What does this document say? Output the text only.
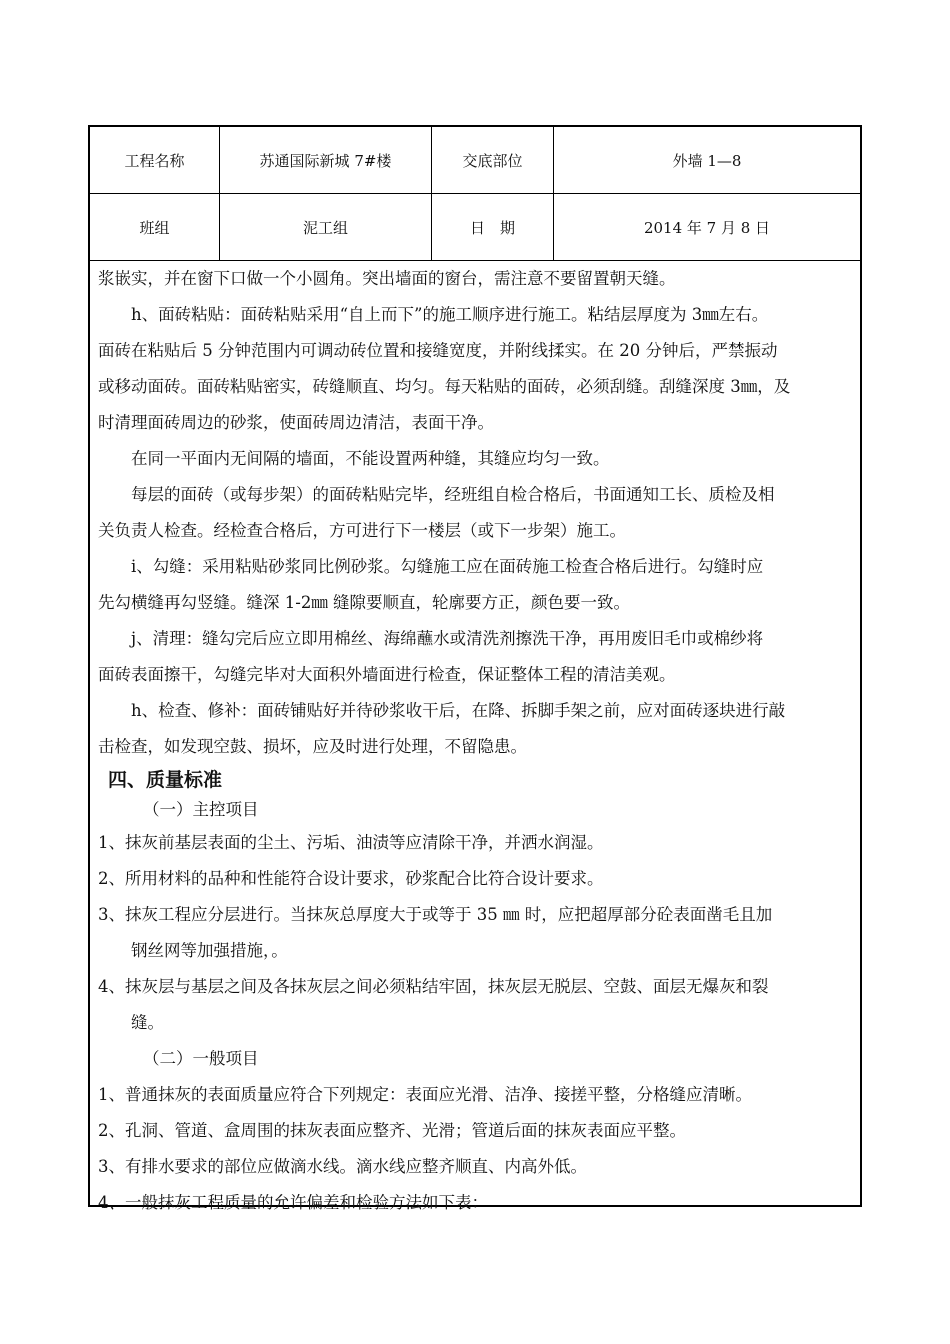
工程名称	苏通国际新城 7#楼	交底部位	外墙 1—8
班组	泥工组	日　期	2014 年 7 月 8 日
浆嵌实，并在窗下口做一个小圆角。突出墙面的窗台，需注意不要留置朝天缝。
h、面砖粘贴：面砖粘贴采用“自上而下”的施工顺序进行施工。粘结层厚度为 3㎜左右。
面砖在粘贴后 5 分钟范围内可调动砖位置和接缝宽度，并附线揉实。在 20 分钟后，严禁振动
或移动面砖。面砖粘贴密实，砖缝顺直、均匀。每天粘贴的面砖，必须刮缝。刮缝深度 3㎜，及
时清理面砖周边的砂浆，使面砖周边清洁，表面干净。
在同一平面内无间隔的墙面，不能设置两种缝，其缝应均匀一致。
每层的面砖（或每步架）的面砖粘贴完毕，经班组自检合格后，书面通知工长、质检及相
关负责人检查。经检查合格后，方可进行下一楼层（或下一步架）施工。
i、勾缝：采用粘贴砂浆同比例砂浆。勾缝施工应在面砖施工检查合格后进行。勾缝时应
先勾横缝再勾竖缝。缝深 1-2㎜ 缝隙要顺直，轮廓要方正，颜色要一致。
j、清理：缝勾完后应立即用棉丝、海绵蘸水或清洗剂擦洗干净，再用废旧毛巾或棉纱将
面砖表面擦干，勾缝完毕对大面积外墙面进行检查，保证整体工程的清洁美观。
h、检查、修补：面砖铺贴好并待砂浆收干后，在降、拆脚手架之前，应对面砖逐块进行敲
击检查，如发现空鼓、损坏，应及时进行处理，不留隐患。
四、质量标准
（一）主控项目
1、抹灰前基层表面的尘土、污垢、油渍等应清除干净，并洒水润湿。
2、所用材料的品种和性能符合设计要求，砂浆配合比符合设计要求。
3、抹灰工程应分层进行。当抹灰总厚度大于或等于 35 ㎜ 时，应把超厚部分砼表面凿毛且加
钢丝网等加强措施，。
4、抹灰层与基层之间及各抹灰层之间必须粘结牢固，抹灰层无脱层、空鼓、面层无爆灰和裂
缝。
（二）一般项目
1、普通抹灰的表面质量应符合下列规定：表面应光滑、洁净、接搓平整，分格缝应清晰。
2、孔洞、管道、盒周围的抹灰表面应整齐、光滑；管道后面的抹灰表面应平整。
3、有排水要求的部位应做滴水线。滴水线应整齐顺直、内高外低。
4、一般抹灰工程质量的允许偏差和检验方法如下表：
